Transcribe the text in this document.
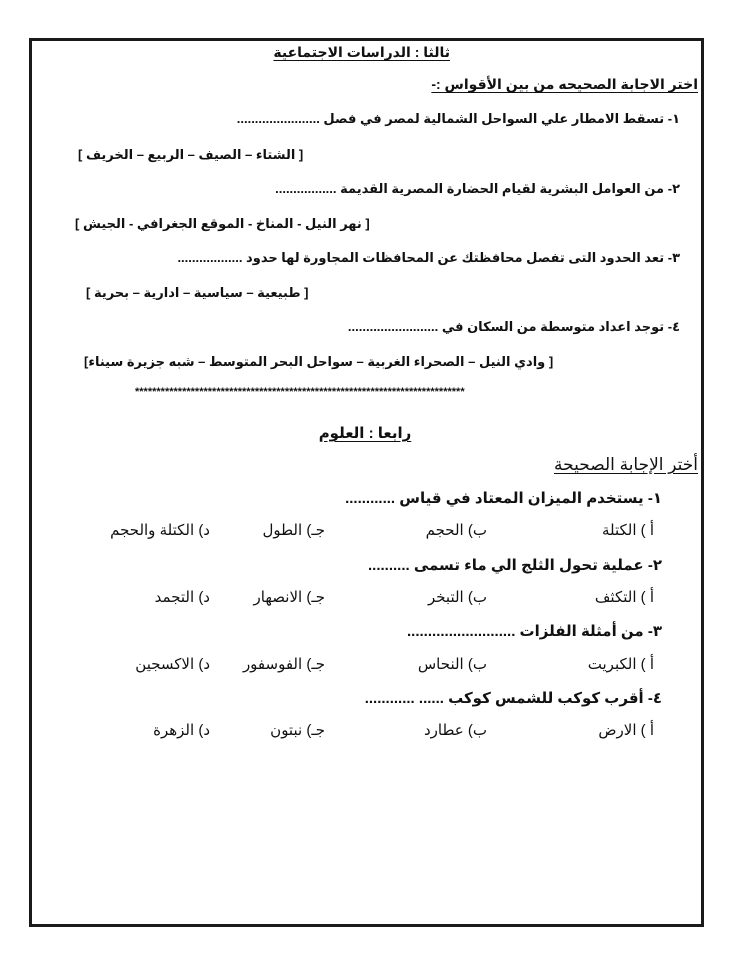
ثالثا : الدراسات الاجتماعية
اختر الاجابة الصحيحه من بين الأقواس :-
١- تسقط الامطار علي السواحل الشمالية لمصر في فصل .......................
[ الشتاء – الصيف – الربيع – الخريف ]
٢- من العوامل البشرية لقيام الحضارة المصرية القديمة .................
[ نهر النيل - المناخ - الموقع الجغرافي - الجيش ]
٣- تعد الحدود التى تفصل محافظتك عن المحافظات المجاورة لها حدود ..................
[ طبيعية – سياسية – ادارية – بحرية ]
٤- توجد اعداد متوسطة من السكان في .........................
[ وادي النيل – الصحراء الغربية – سواحل البحر المتوسط – شبه جزيرة سيناء]
*****************************************************************************
رابعا : العلوم
أختر الإجابة الصحيحة
١- يستخدم الميزان المعتاد في قياس ............
أ ) الكتلة
ب) الحجم
جـ) الطول
د) الكتلة والحجم
٢- عملية تحول الثلج الي ماء تسمى ..........
أ ) التكثف
ب) التبخر
جـ) الانصهار
د) التجمد
٣- من أمثلة الفلزات ..........................
أ ) الكبريت
ب) النحاس
جـ) الفوسفور
د) الاكسجين
٤- أقرب كوكب للشمس كوكب ...... ............
أ ) الارض
ب) عطارد
جـ) نبتون
د) الزهرة
